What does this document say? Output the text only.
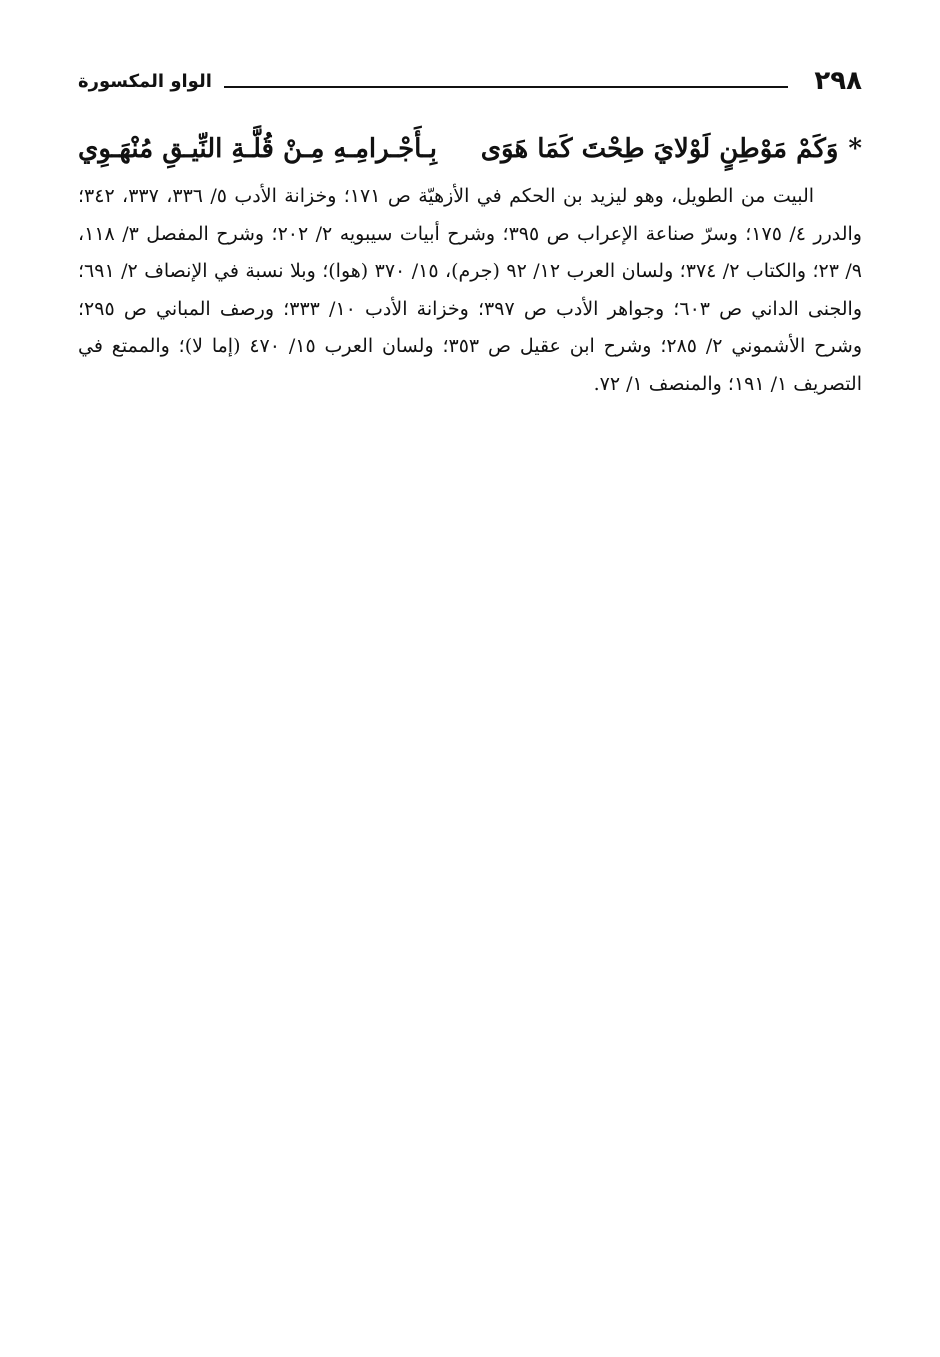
٢٩٨
الواو المكسورة
*
وَكَمْ مَوْطِنٍ لَوْلايَ طِحْتَ كَمَا هَوَى
بِـأَجْـرامِـهِ مِـنْ قُلَّـةِ النِّيـقِ مُنْهَـوِي

البيت من الطويل، وهو ليزيد بن الحكم في الأزهيّة ص ١٧١؛ وخزانة الأدب ٥/ ٣٣٦، ٣٣٧، ٣٤٢؛ والدرر ٤/ ١٧٥؛ وسرّ صناعة الإعراب ص ٣٩٥؛ وشرح أبيات سيبويه ٢/ ٢٠٢؛ وشرح المفصل ٣/ ١١٨، ٩/ ٢٣؛ والكتاب ٢/ ٣٧٤؛ ولسان العرب ١٢/ ٩٢ (جرم)، ١٥/ ٣٧٠ (هوا)؛ وبلا نسبة في الإنصاف ٢/ ٦٩١؛ والجنى الداني ص ٦٠٣؛ وجواهر الأدب ص ٣٩٧؛ وخزانة الأدب ١٠/ ٣٣٣؛ ورصف المباني ص ٢٩٥؛ وشرح الأشموني ٢/ ٢٨٥؛ وشرح ابن عقيل ص ٣٥٣؛ ولسان العرب ١٥/ ٤٧٠ (إما لا)؛ والممتع في التصريف ١/ ١٩١؛ والمنصف ١/ ٧٢.
